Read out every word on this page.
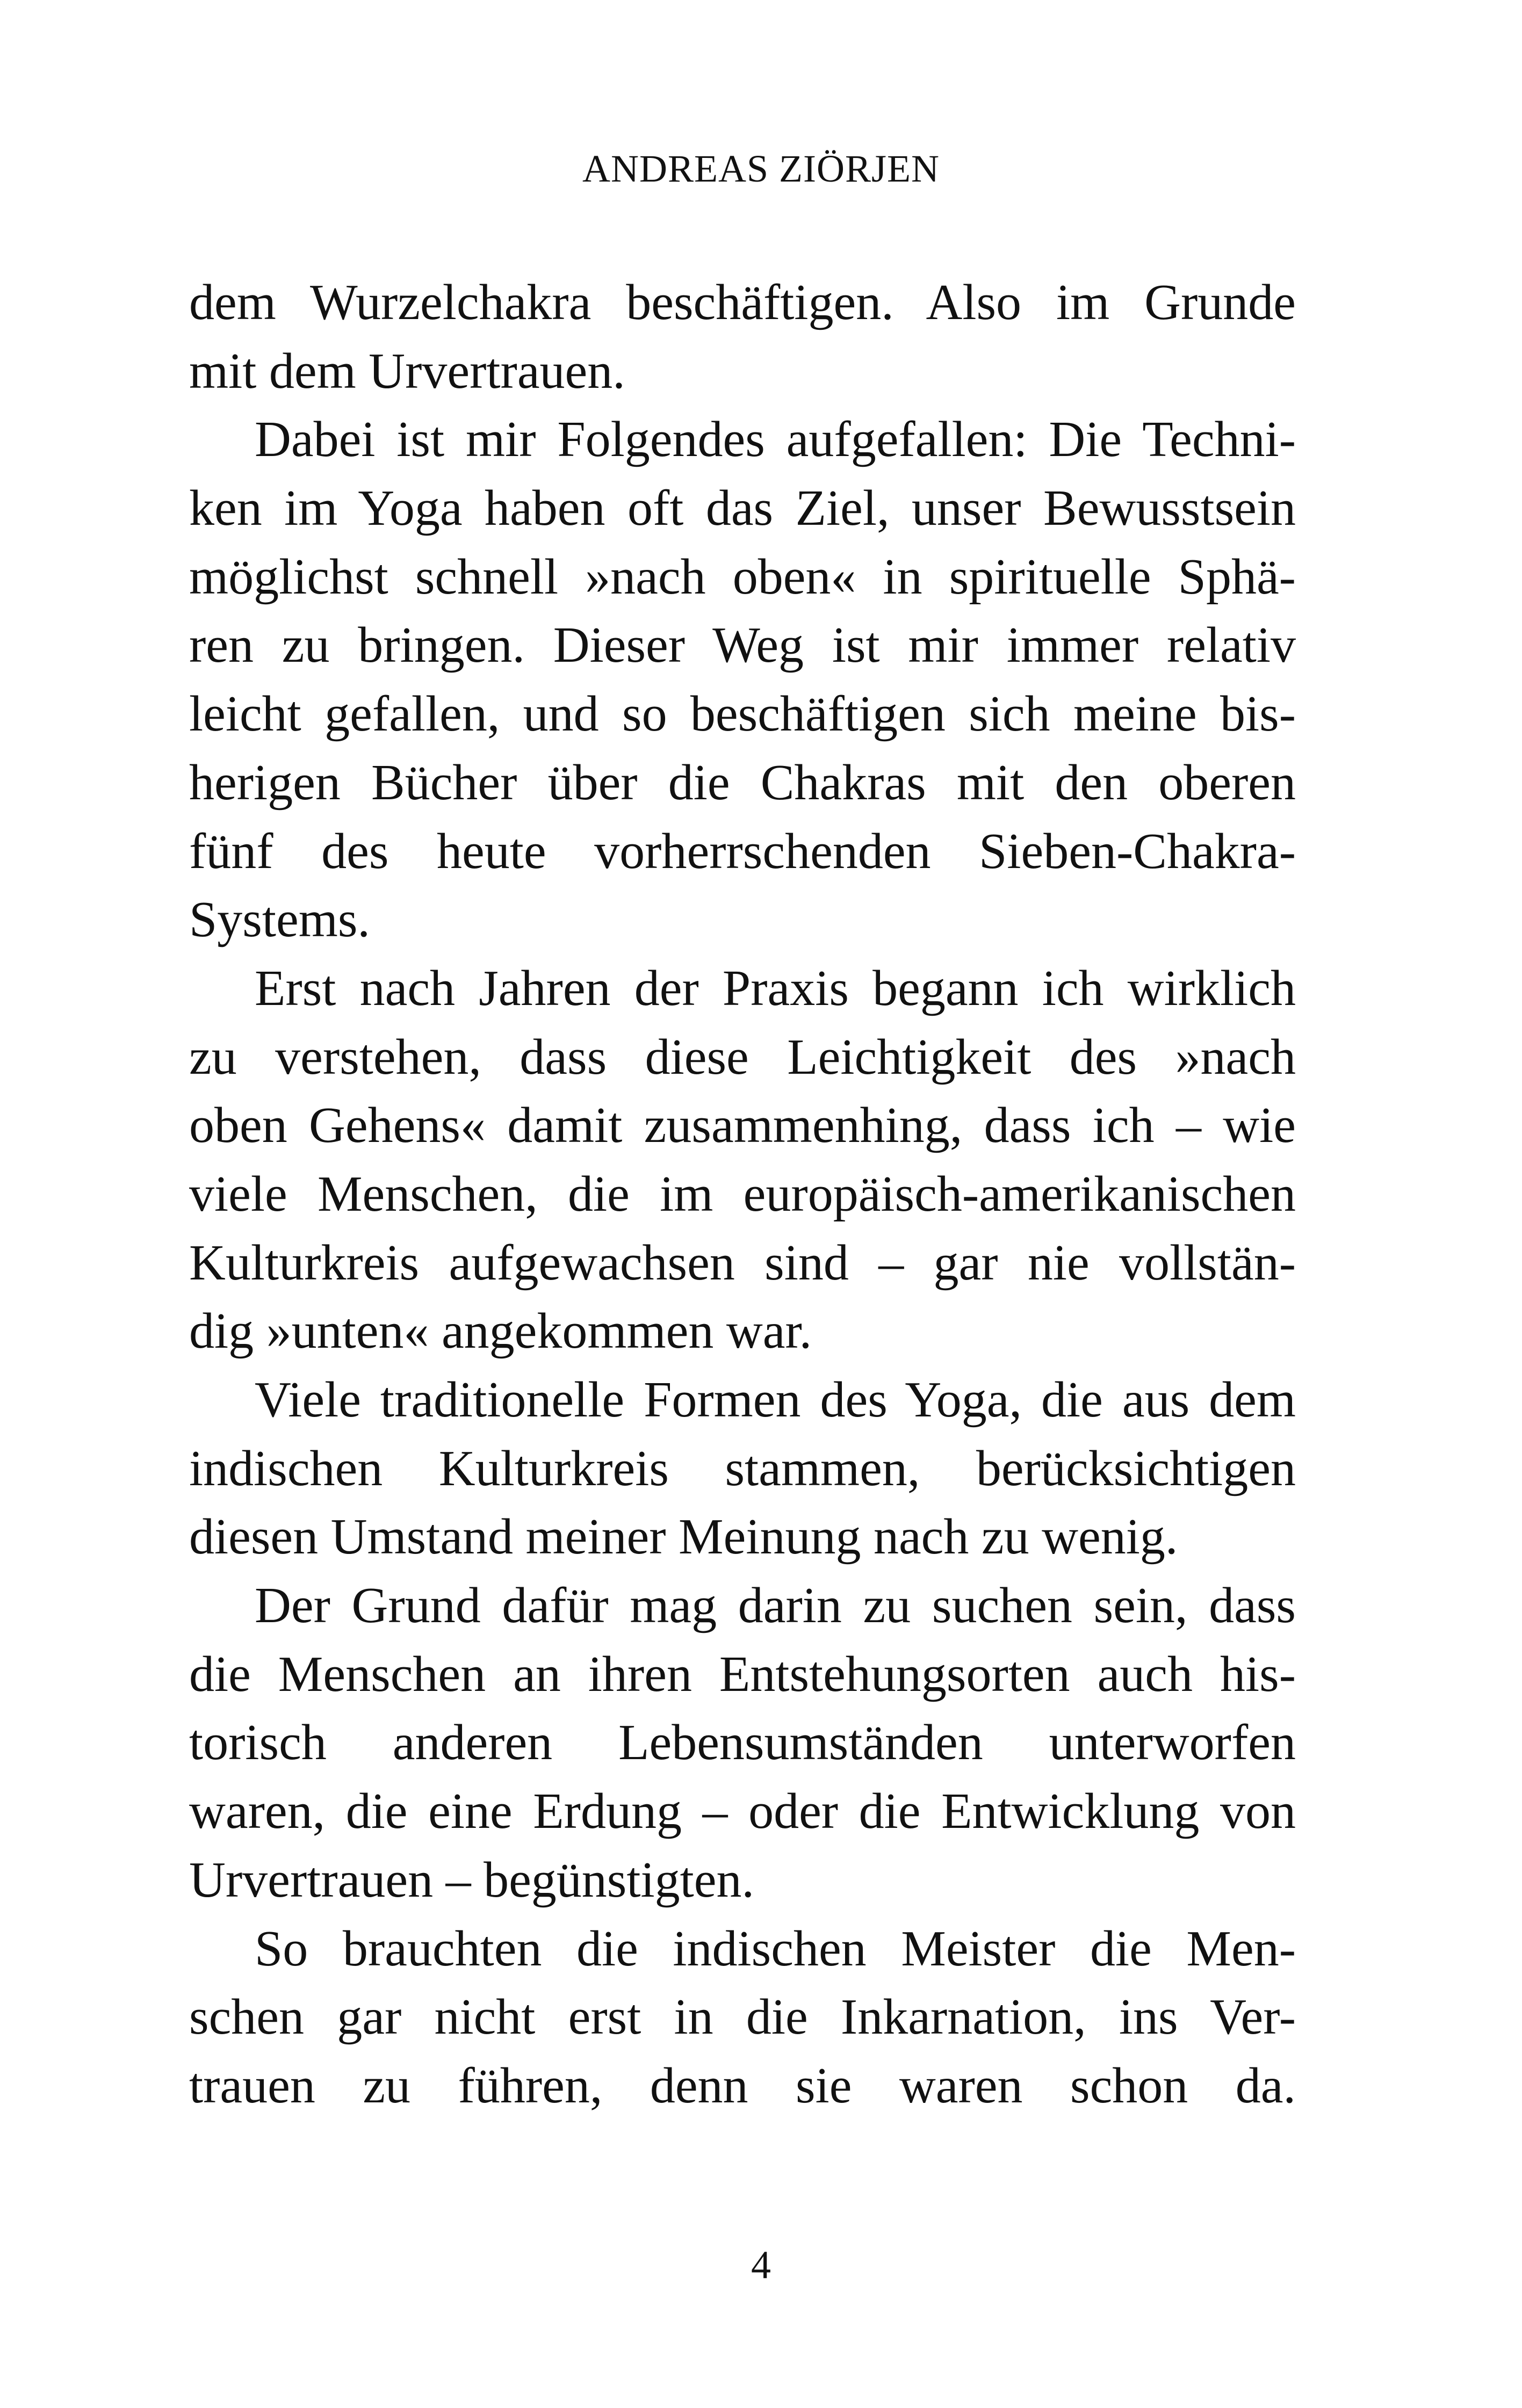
ANDREAS ZIÖRJEN
dem Wurzelchakra beschäftigen. Also im Grunde
mit dem Urvertrauen.
Dabei ist mir Folgendes aufgefallen: Die Techni-
ken im Yoga haben oft das Ziel, unser Bewusstsein
möglichst schnell »nach oben« in spirituelle Sphä-
ren zu bringen. Dieser Weg ist mir immer relativ
leicht gefallen, und so beschäftigen sich meine bis-
herigen Bücher über die Chakras mit den oberen
fünf des heute vorherrschenden Sieben-Chakra-
Systems.
Erst nach Jahren der Praxis begann ich wirklich
zu verstehen, dass diese Leichtigkeit des »nach
oben Gehens« damit zusammenhing, dass ich – wie
viele Menschen, die im europäisch-amerikanischen
Kulturkreis aufgewachsen sind – gar nie vollstän-
dig »unten« angekommen war.
Viele traditionelle Formen des Yoga, die aus dem
indischen Kulturkreis stammen, berücksichtigen
diesen Umstand meiner Meinung nach zu wenig.
Der Grund dafür mag darin zu suchen sein, dass
die Menschen an ihren Entstehungsorten auch his-
torisch anderen Lebensumständen unterworfen
waren, die eine Erdung – oder die Entwicklung von
Urvertrauen – begünstigten.
So brauchten die indischen Meister die Men-
schen gar nicht erst in die Inkarnation, ins Ver-
trauen zu führen, denn sie waren schon da.
4
